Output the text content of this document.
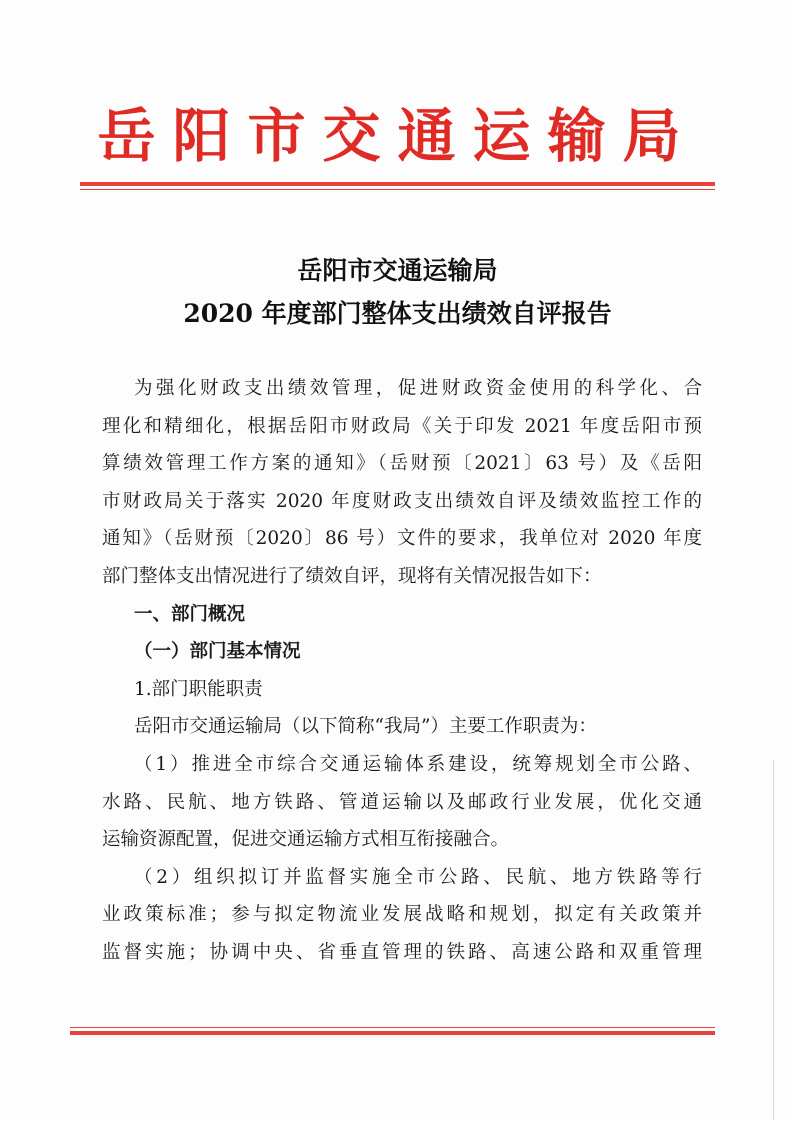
岳阳市交通运输局
岳阳市交通运输局
2020 年度部门整体支出绩效自评报告
为强化财政支出绩效管理，促进财政资金使用的科学化、合
理化和精细化，根据岳阳市财政局《关于印发 2021 年度岳阳市预
算绩效管理工作方案的通知》（岳财预〔2021〕63 号）及《岳阳
市财政局关于落实 2020 年度财政支出绩效自评及绩效监控工作的
通知》（岳财预〔2020〕86 号）文件的要求，我单位对 2020 年度
部门整体支出情况进行了绩效自评，现将有关情况报告如下：
一、部门概况
（一）部门基本情况
1.部门职能职责
岳阳市交通运输局（以下简称“我局”）主要工作职责为：
（1）推进全市综合交通运输体系建设，统筹规划全市公路、
水路、民航、地方铁路、管道运输以及邮政行业发展，优化交通
运输资源配置，促进交通运输方式相互衔接融合。
（2）组织拟订并监督实施全市公路、民航、地方铁路等行
业政策标准；参与拟定物流业发展战略和规划，拟定有关政策并
监督实施；协调中央、省垂直管理的铁路、高速公路和双重管理
